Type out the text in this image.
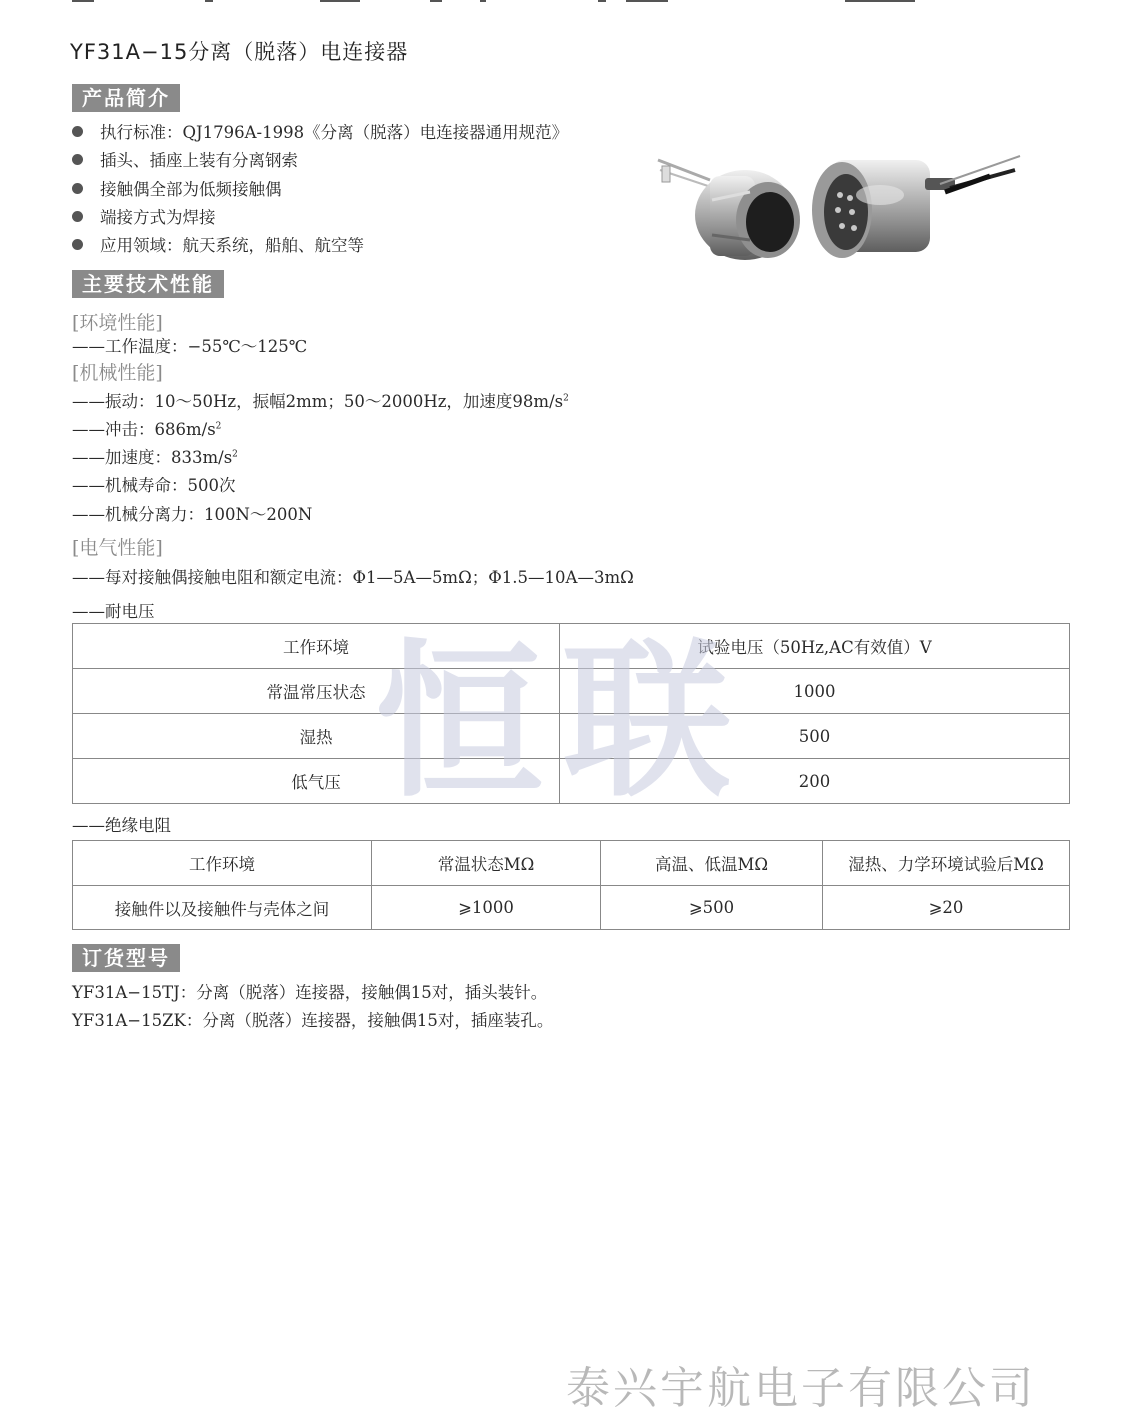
YF31A−15分离（脱落）电连接器
产品简介
执行标准：QJ1796A-1998《分离（脱落）电连接器通用规范》
插头、插座上装有分离钢索
接触偶全部为低频接触偶
端接方式为焊接
应用领域：航天系统，船舶、航空等
主要技术性能
[环境性能]
——工作温度：−55℃～125℃
[机械性能]
——振动：10～50Hz，振幅2mm；50～2000Hz，加速度$98m/s^2$
——冲击：$686m/s^2$
——加速度：$833m/s^2$
——机械寿命：500次
——机械分离力：100N～200N
[电气性能]
——每对接触偶接触电阻和额定电流：Φ1—5A—5mΩ；Φ1.5—10A—3mΩ
——耐电压
工作环境	试验电压（50Hz,AC有效值）V
常温常压状态	1000
湿热	500
低气压	200
——绝缘电阻
工作环境	常温状态MΩ	高温、低温MΩ	湿热、力学环境试验后MΩ
接触件以及接触件与壳体之间	⩾1000	⩾500	⩾20
订货型号
YF31A−15TJ：分离（脱落）连接器，接触偶15对，插头装针。
YF31A−15ZK：分离（脱落）连接器，接触偶15对，插座装孔。
恒联
泰兴宇航电子有限公司
